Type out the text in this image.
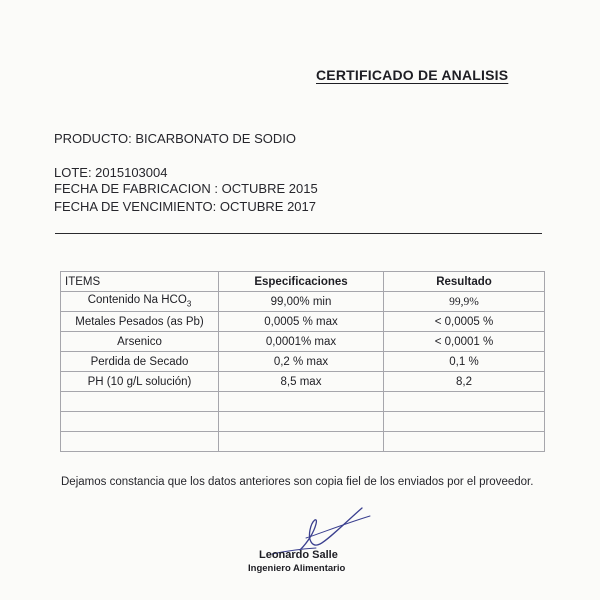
CERTIFICADO DE ANALISIS
PRODUCTO: BICARBONATO DE SODIO
LOTE: 2015103004
FECHA DE FABRICACION : OCTUBRE 2015
FECHA DE VENCIMIENTO: OCTUBRE 2017
ITEMS	Especificaciones	Resultado
Contenido Na $HCO_3$	99,00% min	99,9%
Metales Pesados (as Pb)	0,0005 % max	< 0,0005 %
Arsenico	0,0001% max	< 0,0001 %
Perdida de Secado	0,2 % max	0,1 %
PH (10 g/L solución)	8,5 max	8,2

Dejamos constancia que los datos anteriores son copia fiel de los enviados por el proveedor.
Leonardo Salle
Ingeniero Alimentario
